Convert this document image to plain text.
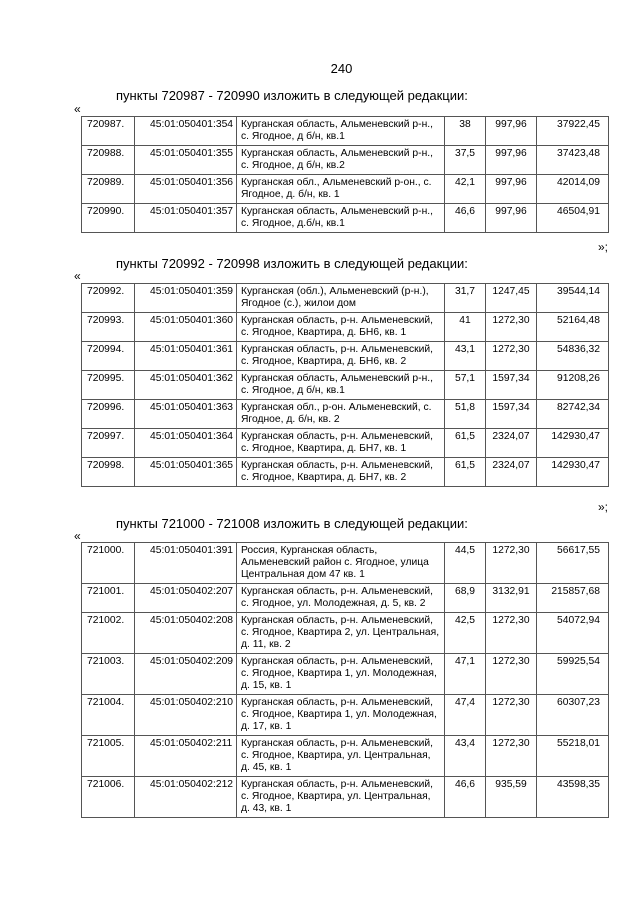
240
пункты 720987 - 720990 изложить в следующей редакции:
«
720987.	45:01:050401:354	Курганская область, Альменевский р-н., с. Ягодное, д б/н, кв.1	38	997,96	37922,45
720988.	45:01:050401:355	Курганская область, Альменевский р-н., с. Ягодное, д б/н, кв.2	37,5	997,96	37423,48
720989.	45:01:050401:356	Курганская обл., Альменевский р-он., с. Ягодное, д. б/н, кв. 1	42,1	997,96	42014,09
720990.	45:01:050401:357	Курганская область, Альменевский р-н., с. Ягодное, д.б/н, кв.1	46,6	997,96	46504,91
»;
пункты 720992 - 720998 изложить в следующей редакции:
«
720992.	45:01:050401:359	Курганская (обл.), Альменевский (р-н.), Ягодное (с.), жилои дом	31,7	1247,45	39544,14
720993.	45:01:050401:360	Курганская область, р-н. Альменевский, с. Ягодное, Квартира, д. БН6, кв. 1	41	1272,30	52164,48
720994.	45:01:050401:361	Курганская область, р-н. Альменевский, с. Ягодное, Квартира, д. БН6, кв. 2	43,1	1272,30	54836,32
720995.	45:01:050401:362	Курганская область, Альменевский р-н., с. Ягодное, д б/н, кв.1	57,1	1597,34	91208,26
720996.	45:01:050401:363	Курганская обл., р-он. Альменевский, с. Ягодное, д. б/н, кв. 2	51,8	1597,34	82742,34
720997.	45:01:050401:364	Курганская область, р-н. Альменевский, с. Ягодное, Квартира, д. БН7, кв. 1	61,5	2324,07	142930,47
720998.	45:01:050401:365	Курганская область, р-н. Альменевский, с. Ягодное, Квартира, д. БН7, кв. 2	61,5	2324,07	142930,47
»;
пункты 721000 - 721008 изложить в следующей редакции:
«
721000.	45:01:050401:391	Россия, Курганская область, Альменевский район с. Ягодное, улица Центральная дом 47 кв. 1	44,5	1272,30	56617,55
721001.	45:01:050402:207	Курганская область, р-н. Альменевский, с. Ягодное, ул. Молодежная, д. 5, кв. 2	68,9	3132,91	215857,68
721002.	45:01:050402:208	Курганская область, р-н. Альменевский, с. Ягодное, Квартира 2, ул. Центральная, д. 11, кв. 2	42,5	1272,30	54072,94
721003.	45:01:050402:209	Курганская область, р-н. Альменевский, с. Ягодное, Квартира 1, ул. Молодежная, д. 15, кв. 1	47,1	1272,30	59925,54
721004.	45:01:050402:210	Курганская область, р-н. Альменевский, с. Ягодное, Квартира 1, ул. Молодежная, д. 17, кв. 1	47,4	1272,30	60307,23
721005.	45:01:050402:211	Курганская область, р-н. Альменевский, с. Ягодное, Квартира, ул. Центральная, д. 45, кв. 1	43,4	1272,30	55218,01
721006.	45:01:050402:212	Курганская область, р-н. Альменевский, с. Ягодное, Квартира, ул. Центральная, д. 43, кв. 1	46,6	935,59	43598,35
